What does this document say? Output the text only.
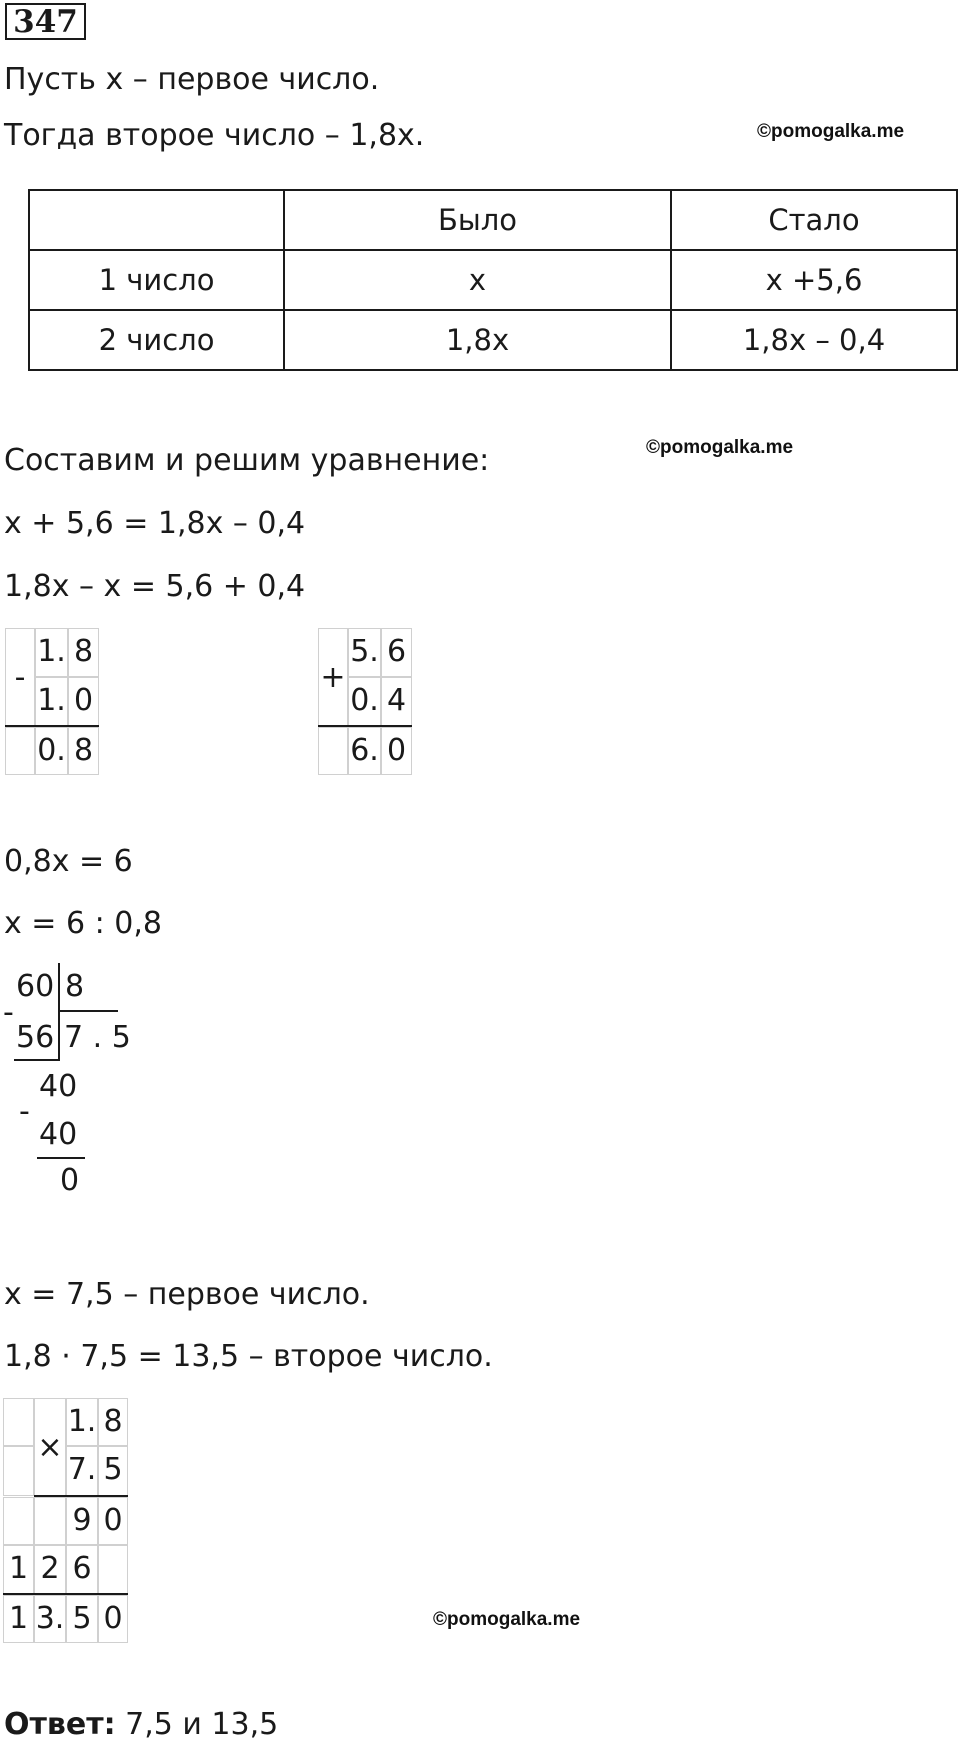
347
Пусть х – первое число.
Тогда второе число – 1,8х.	©pomogalka.me
	Было	Стало
1 число	х	х +5,6
2 число	1,8х	1,8х – 0,4
Составим и решим уравнение:	©pomogalka.me
х + 5,6 = 1,8х – 0,4
1,8х – х = 5,6 + 0,4
-
1. 8
1. 0
0. 8
+
5. 6
0. 4
6. 0
0,8х = 6
х = 6 : 0,8
60 8
-
56 7 . 5
40
-
40
0
х = 7,5 – первое число.
1,8 · 7,5 = 13,5 – второе число.
×
1. 8
7. 5
9 0
1 2 6
1 3. 5 0	©pomogalka.me
Ответ: 7,5 и 13,5
